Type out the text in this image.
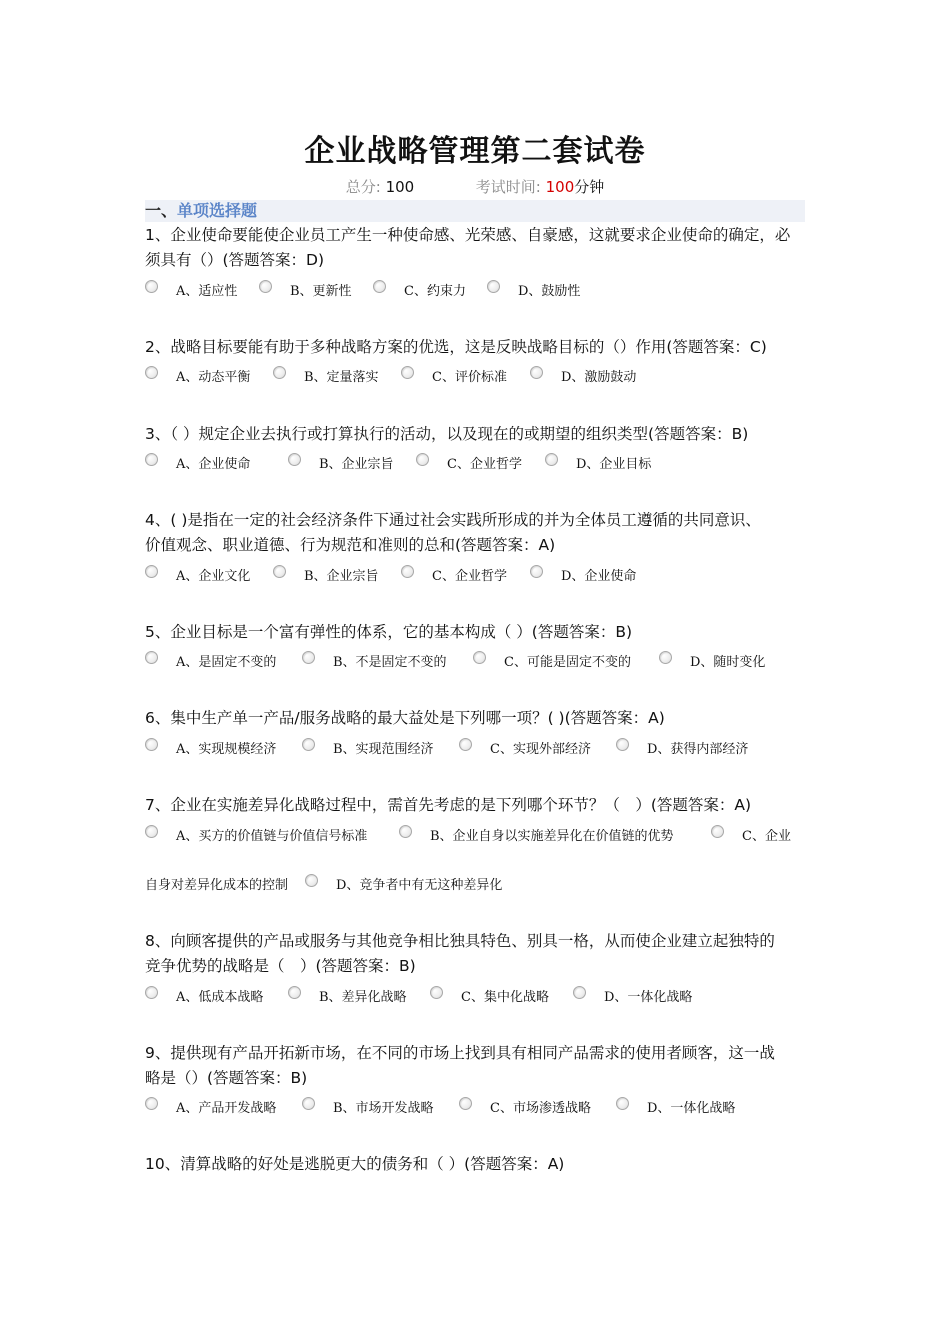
企业战略管理第二套试卷
总分: 100	考试时间: 100分钟
一、单项选择题
1、企业使命要能使企业员工产生一种使命感、光荣感、自豪感，这就要求企业使命的确定，必
须具有（）(答题答案：D)
A、适应性	B、更新性	C、约束力	D、鼓励性
2、战略目标要能有助于多种战略方案的优选，这是反映战略目标的（）作用(答题答案：C)
A、动态平衡	B、定量落实	C、评价标准	D、激励鼓动
3、（ ）规定企业去执行或打算执行的活动，以及现在的或期望的组织类型(答题答案：B)
A、企业使命	B、企业宗旨	C、企业哲学	D、企业目标
4、( )是指在一定的社会经济条件下通过社会实践所形成的并为全体员工遵循的共同意识、
价值观念、职业道德、行为规范和准则的总和(答题答案：A)
A、企业文化	B、企业宗旨	C、企业哲学	D、企业使命
5、企业目标是一个富有弹性的体系，它的基本构成（ ）(答题答案：B)
A、是固定不变的	B、不是固定不变的	C、可能是固定不变的	D、随时变化
6、集中生产单一产品/服务战略的最大益处是下列哪一项？( )(答题答案：A)
A、实现规模经济	B、实现范围经济	C、实现外部经济	D、获得内部经济
7、企业在实施差异化战略过程中，需首先考虑的是下列哪个环节？（　）(答题答案：A)
A、买方的价值链与价值信号标准	B、企业自身以实施差异化在价值链的优势	C、企业
D、竞争者中有无这种差异化
自身对差异化成本的控制
8、向顾客提供的产品或服务与其他竞争相比独具特色、别具一格，从而使企业建立起独特的
竞争优势的战略是（　）(答题答案：B)
A、低成本战略	B、差异化战略	C、集中化战略	D、一体化战略
9、提供现有产品开拓新市场，在不同的市场上找到具有相同产品需求的使用者顾客，这一战
略是（）(答题答案：B)
A、产品开发战略	B、市场开发战略	C、市场渗透战略	D、一体化战略
10、清算战略的好处是逃脱更大的债务和（ ）(答题答案：A)
